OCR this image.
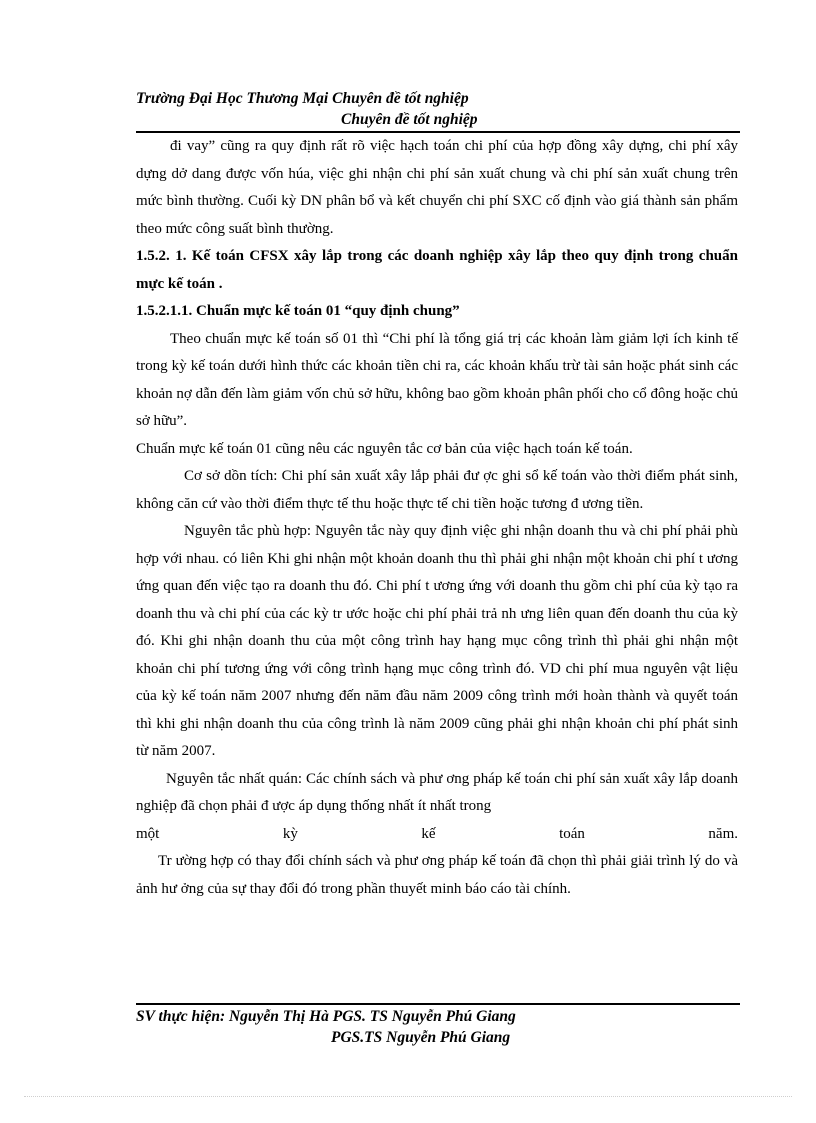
Trường Đại Học Thương Mại Chuyên đề tốt nghiệp
Chuyên đề tốt nghiệp

đi vay” cũng ra quy định rất rõ việc hạch toán chi phí của hợp đồng xây dựng, chi phí xây dựng dở dang được vốn húa, việc ghi nhận chi phí sản xuất chung và chi phí sản xuất chung trên mức bình thường. Cuối kỳ DN phân bổ và kết chuyển chi phí SXC cố định vào giá thành sản phẩm theo mức công suất bình thường.

1.5.2. 1. Kế toán CFSX xây lắp trong các doanh nghiệp xây lắp theo quy định trong chuẩn mực kế toán .

1.5.2.1.1. Chuẩn mực kế toán 01 “quy định chung”

Theo chuẩn mực kế toán số 01 thì “Chi phí là tổng giá trị các khoản làm giảm lợi ích kinh tế trong kỳ kế toán dưới hình thức các khoản tiền chi ra, các khoản khấu trừ tài sản hoặc phát sinh các khoản nợ dẫn đến làm giảm vốn chủ sở hữu, không bao gồm khoản phân phối cho cổ đông hoặc chủ sở hữu”.

Chuẩn mực kế toán 01 cũng nêu các nguyên tắc cơ bản của việc hạch toán kế toán.

Cơ sở dồn tích: Chi phí sản xuất xây lắp phải đư ợc ghi sổ kế toán vào thời điểm phát sinh, không căn cứ vào thời điểm thực tế thu hoặc thực tế chi tiền hoặc tương đ ương tiền.

Nguyên tắc phù hợp: Nguyên tắc này quy định việc ghi nhận doanh thu và chi phí phải phù hợp với nhau. có liên Khi ghi nhận một khoản doanh thu thì phải ghi nhận một khoản chi phí t ương ứng quan đến việc tạo ra doanh thu đó. Chi phí t ương ứng với doanh thu gồm chi phí của kỳ tạo ra doanh thu và chi phí của các kỳ tr ước hoặc chi phí phải trả nh ưng liên quan đến doanh thu của kỳ đó. Khi ghi nhận doanh thu của một công trình hay hạng mục công trình thì phải ghi nhận một khoản chi phí tương ứng với công trình hạng mục công trình đó. VD chi phí mua nguyên vật liệu của kỳ kế toán năm 2007 nhưng đến năm đầu năm 2009 công trình mới hoàn thành và quyết toán thì khi ghi nhận doanh thu của công trình là năm 2009 cũng phải ghi nhận khoản chi phí phát sinh từ năm 2007.

Nguyên tắc nhất quán: Các chính sách và phư ơng pháp kế toán chi phí sản xuất xây lắp doanh nghiệp đã chọn phải đ ược áp dụng thống nhất ít nhất trong

một kỳ kế toán năm.

Tr ường hợp có thay đổi chính sách và phư ơng pháp kế toán đã chọn thì phải giải trình lý do và ảnh hư ởng của sự thay đổi đó trong phần thuyết minh báo cáo tài chính.

SV thực hiện: Nguyễn Thị Hà PGS. TS Nguyễn Phú Giang
PGS.TS Nguyễn Phú Giang
